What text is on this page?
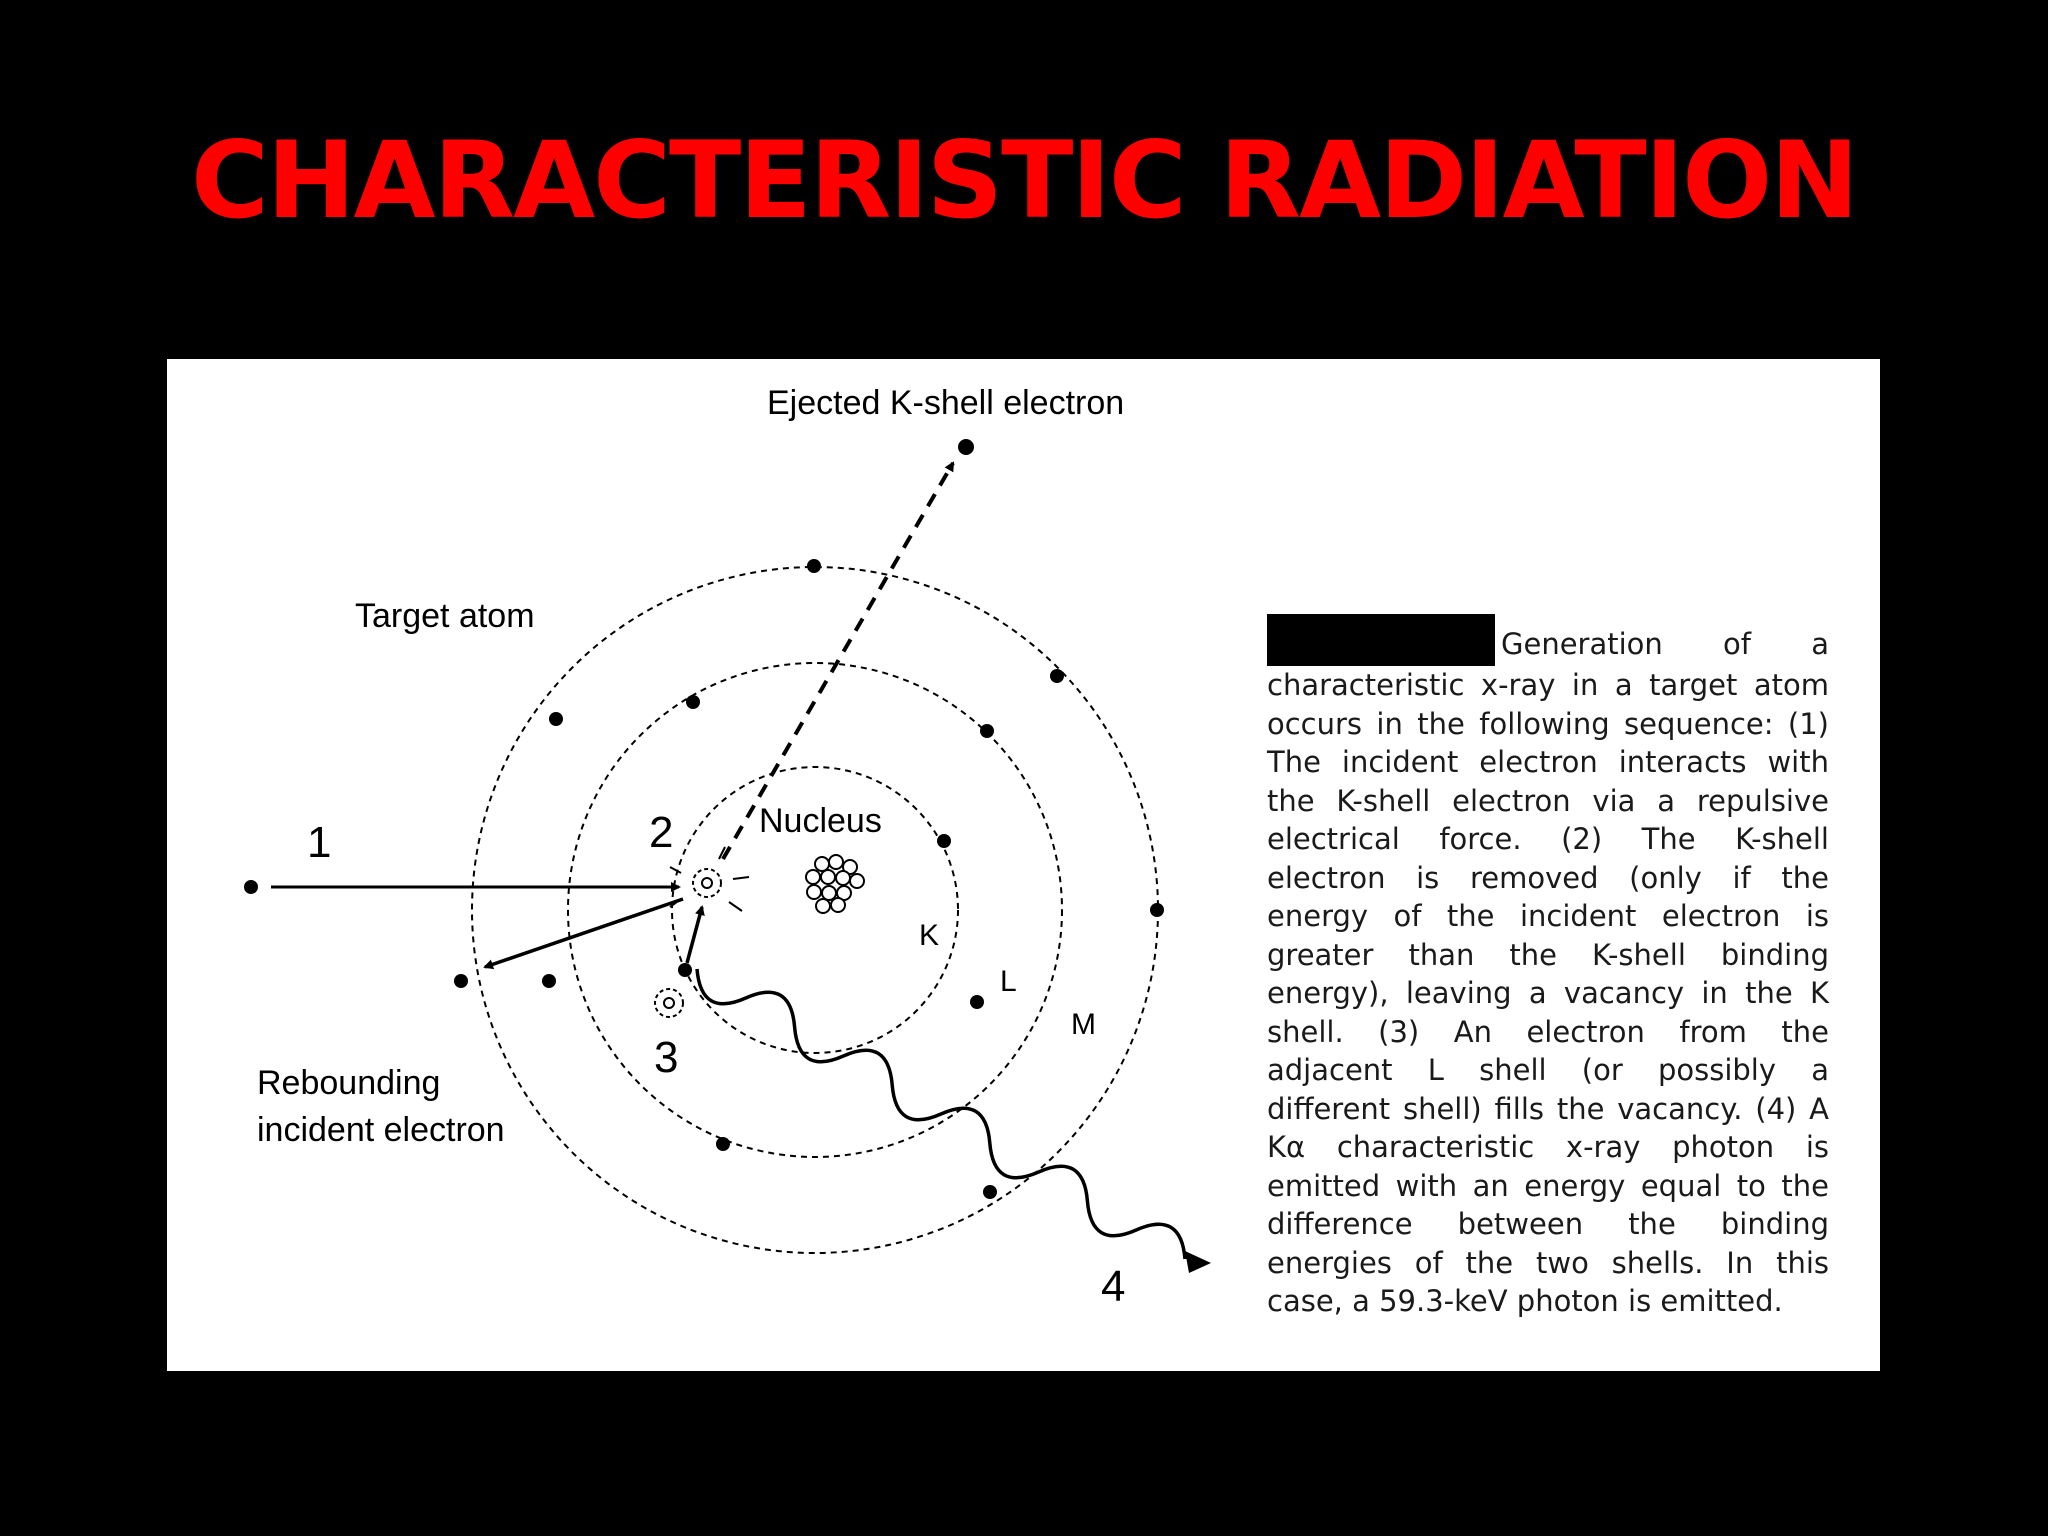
CHARACTERISTIC RADIATION
Ejected K-shell electron
Target atom
Nucleus
Rebounding
incident electron
K
L
M
1	2
3
4
Generation of a characteristic x-ray in a target atom occurs in the following sequence: (1) The incident electron interacts with the K-shell electron via a repulsive electrical force. (2) The K-shell electron is removed (only if the energy of the incident electron is greater than the K-shell binding energy), leaving a vacancy in the K shell. (3) An electron from the adjacent L shell (or possibly a different shell) fills the vacancy. (4) A Kα characteristic x-ray photon is emitted with an energy equal to the difference between the binding energies of the two shells. In this case, a 59.3-keV photon is emitted.
